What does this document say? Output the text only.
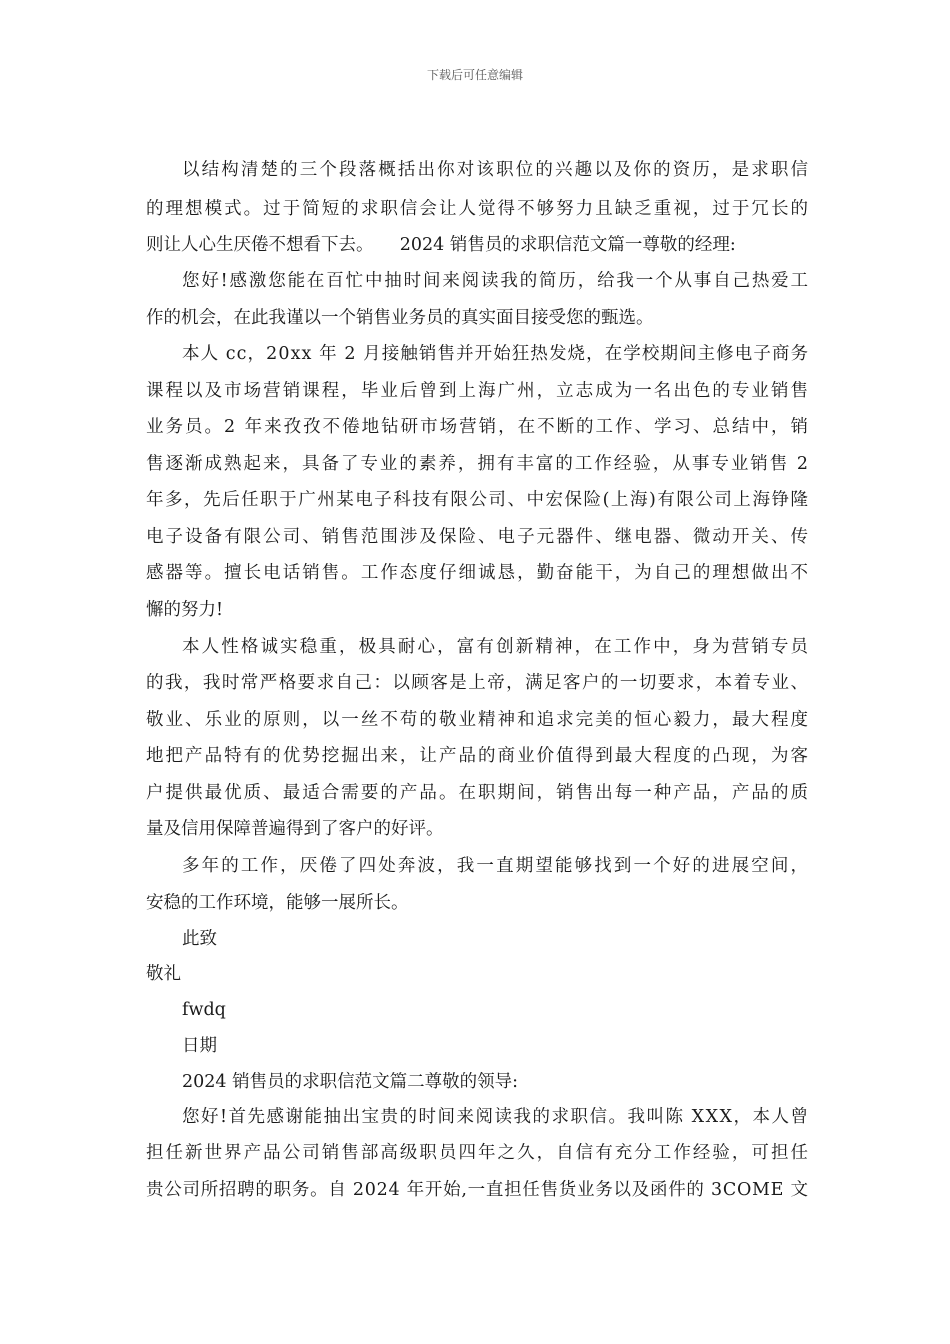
下载后可任意编辑
以结构清楚的三个段落概括出你对该职位的兴趣以及你的资历，是求职信
的理想模式。过于简短的求职信会让人觉得不够努力且缺乏重视，过于冗长的
则让人心生厌倦不想看下去。　　2024 销售员的求职信范文篇一尊敬的经理:
您好!感激您能在百忙中抽时间来阅读我的简历，给我一个从事自己热爱工
作的机会，在此我谨以一个销售业务员的真实面目接受您的甄选。
本人 cc，20xx 年 2 月接触销售并开始狂热发烧，在学校期间主修电子商务
课程以及市场营销课程，毕业后曾到上海广州，立志成为一名出色的专业销售
业务员。2 年来孜孜不倦地钻研市场营销，在不断的工作、学习、总结中，销
售逐渐成熟起来，具备了专业的素养，拥有丰富的工作经验，从事专业销售 2
年多，先后任职于广州某电子科技有限公司、中宏保险(上海)有限公司上海铮隆
电子设备有限公司、销售范围涉及保险、电子元器件、继电器、微动开关、传
感器等。擅长电话销售。工作态度仔细诚恳，勤奋能干，为自己的理想做出不
懈的努力!
本人性格诚实稳重，极具耐心，富有创新精神，在工作中，身为营销专员
的我，我时常严格要求自己：以顾客是上帝，满足客户的一切要求，本着专业、
敬业、乐业的原则，以一丝不苟的敬业精神和追求完美的恒心毅力，最大程度
地把产品特有的优势挖掘出来，让产品的商业价值得到最大程度的凸现，为客
户提供最优质、最适合需要的产品。在职期间，销售出每一种产品，产品的质
量及信用保障普遍得到了客户的好评。
多年的工作，厌倦了四处奔波，我一直期望能够找到一个好的进展空间，
安稳的工作环境，能够一展所长。
此致
敬礼
fwdq
日期
2024 销售员的求职信范文篇二尊敬的领导:
您好!首先感谢能抽出宝贵的时间来阅读我的求职信。我叫陈 XXX，本人曾
担任新世界产品公司销售部高级职员四年之久，自信有充分工作经验，可担任
贵公司所招聘的职务。自 2024 年开始,一直担任售货业务以及函件的 3COME 文
